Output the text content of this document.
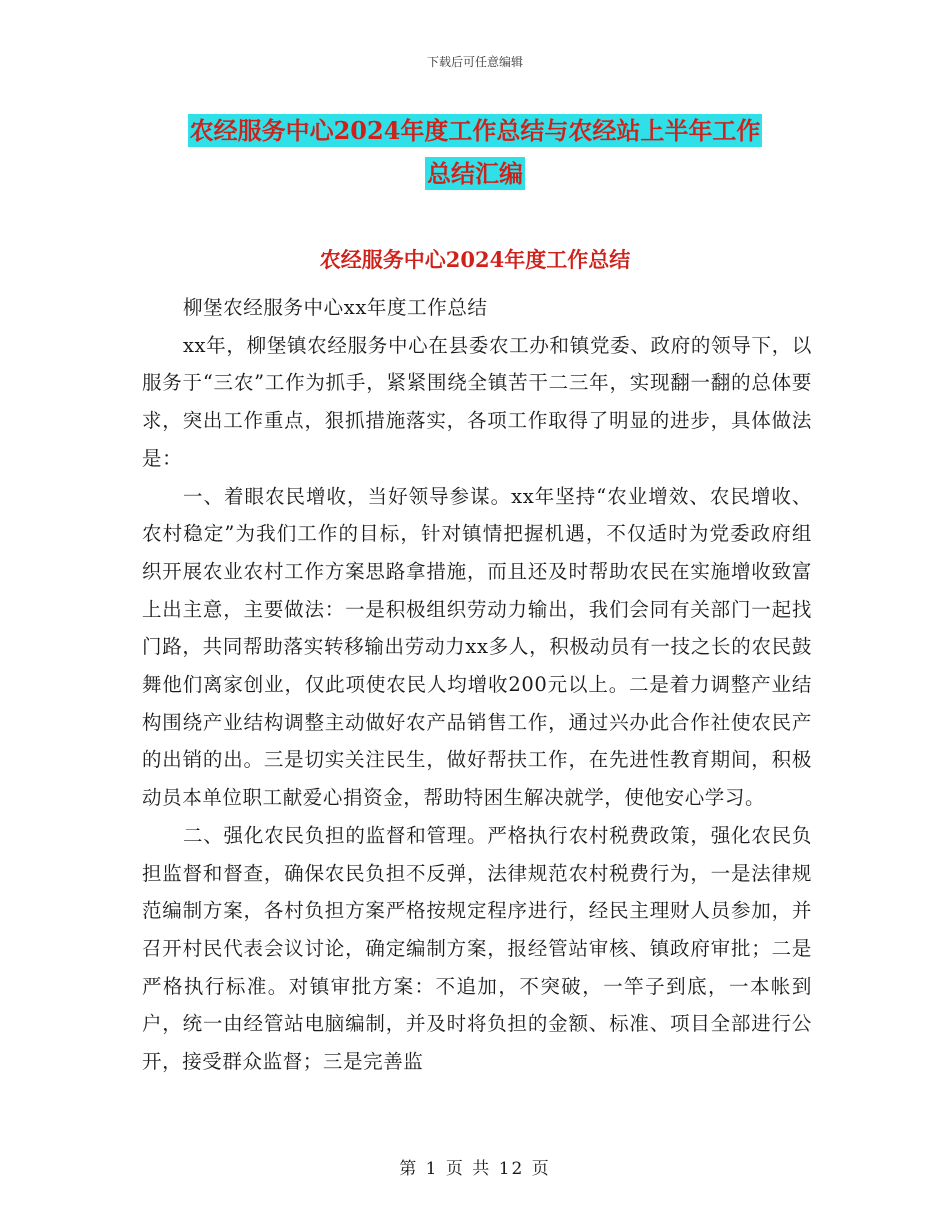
下载后可任意编辑
农经服务中心2024年度工作总结与农经站上半年工作
总结汇编
农经服务中心2024年度工作总结

柳堡农经服务中心xx年度工作总结

xx年，柳堡镇农经服务中心在县委农工办和镇党委、政府的领导下，以服务于“三农”工作为抓手，紧紧围绕全镇苦干二三年，实现翻一翻的总体要求，突出工作重点，狠抓措施落实，各项工作取得了明显的进步，具体做法是：

一、着眼农民增收，当好领导参谋。xx年坚持“农业增效、农民增收、农村稳定”为我们工作的目标，针对镇情把握机遇，不仅适时为党委政府组织开展农业农村工作方案思路拿措施，而且还及时帮助农民在实施增收致富上出主意，主要做法：一是积极组织劳动力输出，我们会同有关部门一起找门路，共同帮助落实转移输出劳动力xx多人，积极动员有一技之长的农民鼓舞他们离家创业，仅此项使农民人均增收200元以上。二是着力调整产业结构围绕产业结构调整主动做好农产品销售工作，通过兴办此合作社使农民产的出销的出。三是切实关注民生，做好帮扶工作，在先进性教育期间，积极动员本单位职工献爱心捐资金，帮助特困生解决就学，使他安心学习。

二、强化农民负担的监督和管理。严格执行农村税费政策，强化农民负担监督和督查，确保农民负担不反弹，法律规范农村税费行为，一是法律规范编制方案，各村负担方案严格按规定程序进行，经民主理财人员参加，并召开村民代表会议讨论，确定编制方案，报经管站审核、镇政府审批；二是严格执行标准。对镇审批方案：不追加，不突破，一竿子到底，一本帐到户，统一由经管站电脑编制，并及时将负担的金额、标准、项目全部进行公开，接受群众监督；三是完善监

第 1 页 共 12 页
